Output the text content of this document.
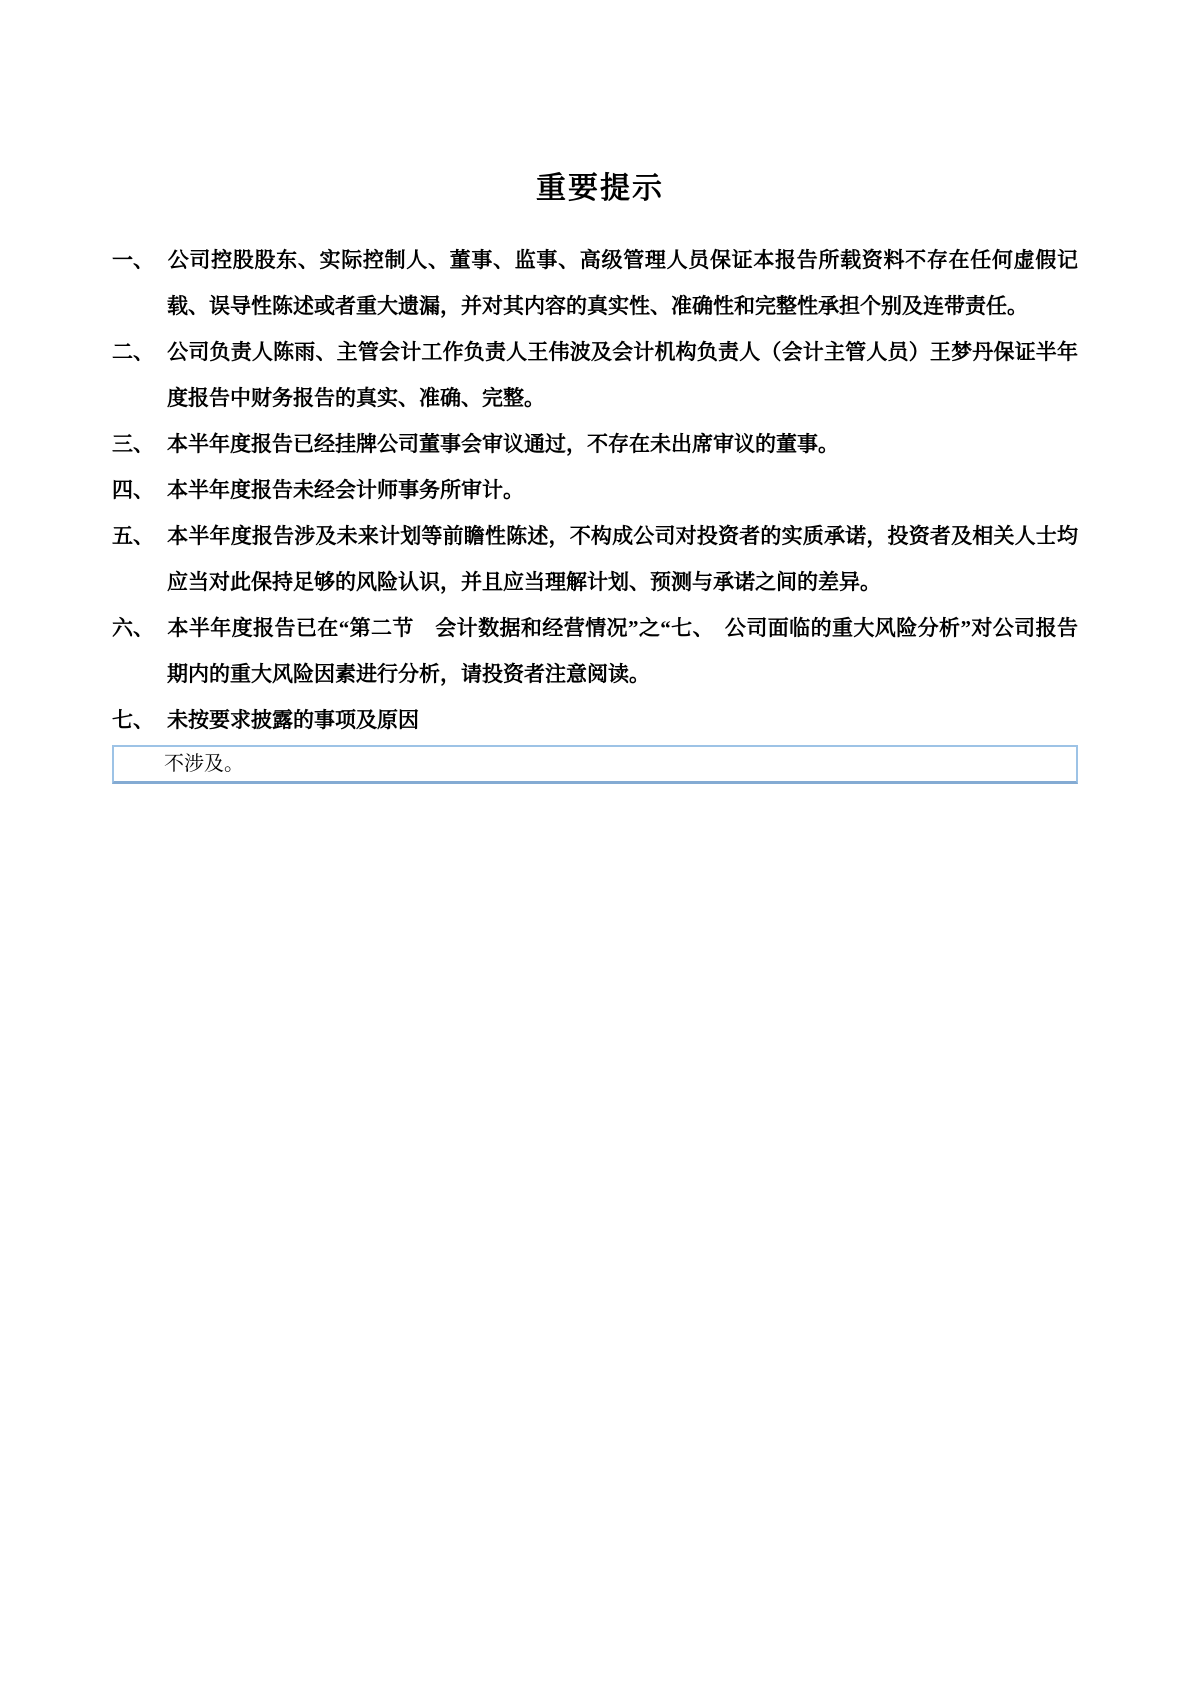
重要提示
一、 公司控股股东、实际控制人、董事、监事、高级管理人员保证本报告所载资料不存在任何虚假记载、误导性陈述或者重大遗漏，并对其内容的真实性、准确性和完整性承担个别及连带责任。
二、 公司负责人陈雨、主管会计工作负责人王伟波及会计机构负责人（会计主管人员）王梦丹保证半年度报告中财务报告的真实、准确、完整。
三、 本半年度报告已经挂牌公司董事会审议通过，不存在未出席审议的董事。
四、 本半年度报告未经会计师事务所审计。
五、 本半年度报告涉及未来计划等前瞻性陈述，不构成公司对投资者的实质承诺，投资者及相关人士均应当对此保持足够的风险认识，并且应当理解计划、预测与承诺之间的差异。
六、 本半年度报告已在“第二节　会计数据和经营情况”之“七、　公司面临的重大风险分析”对公司报告期内的重大风险因素进行分析，请投资者注意阅读。
七、 未按要求披露的事项及原因
不涉及。
